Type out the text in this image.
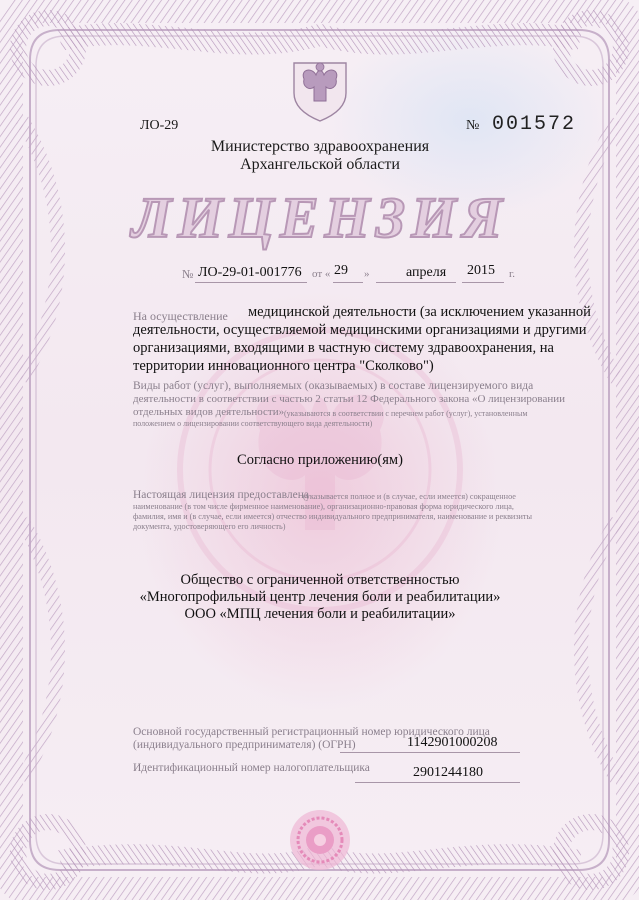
ЛО-29	№ 001572
Министерство здравоохранения
Архангельской области
ЛИЦЕНЗИЯ
№ ЛО-29-01-001776 от « 29 »	апреля 2015 г.
На осуществление медицинской деятельности (за исключением указанной
деятельности, осуществляемой медицинскими организациями и другими
организациями, входящими в частную систему здравоохранения, на
территории инновационного центра "Сколково")
Виды работ (услуг), выполняемых (оказываемых) в составе лицензируемого вида
деятельности в соответствии с частью 2 статьи 12 Федерального закона «О лицензировании
отдельных видов деятельности» (указываются в соответствии с перечнем работ (услуг), установленным
положением о лицензировании соответствующего вида деятельности)
Согласно приложению(ям)
Настоящая лицензия предоставлена
(указывается полное и (в случае, если имеется) сокращенное
наименование (в том числе фирменное наименование), организационно-правовая форма юридического лица,
фамилия, имя и (в случае, если имеется) отчество индивидуального предпринимателя, наименование и реквизиты
документа, удостоверяющего его личность)
Общество с ограниченной ответственностью
«Многопрофильный центр лечения боли и реабилитации»
ООО «МПЦ лечения боли и реабилитации»
Основной государственный регистрационный номер юридического лица
(индивидуального предпринимателя) (ОГРН)	1142901000208
Идентификационный номер налогоплательщика	2901244180
